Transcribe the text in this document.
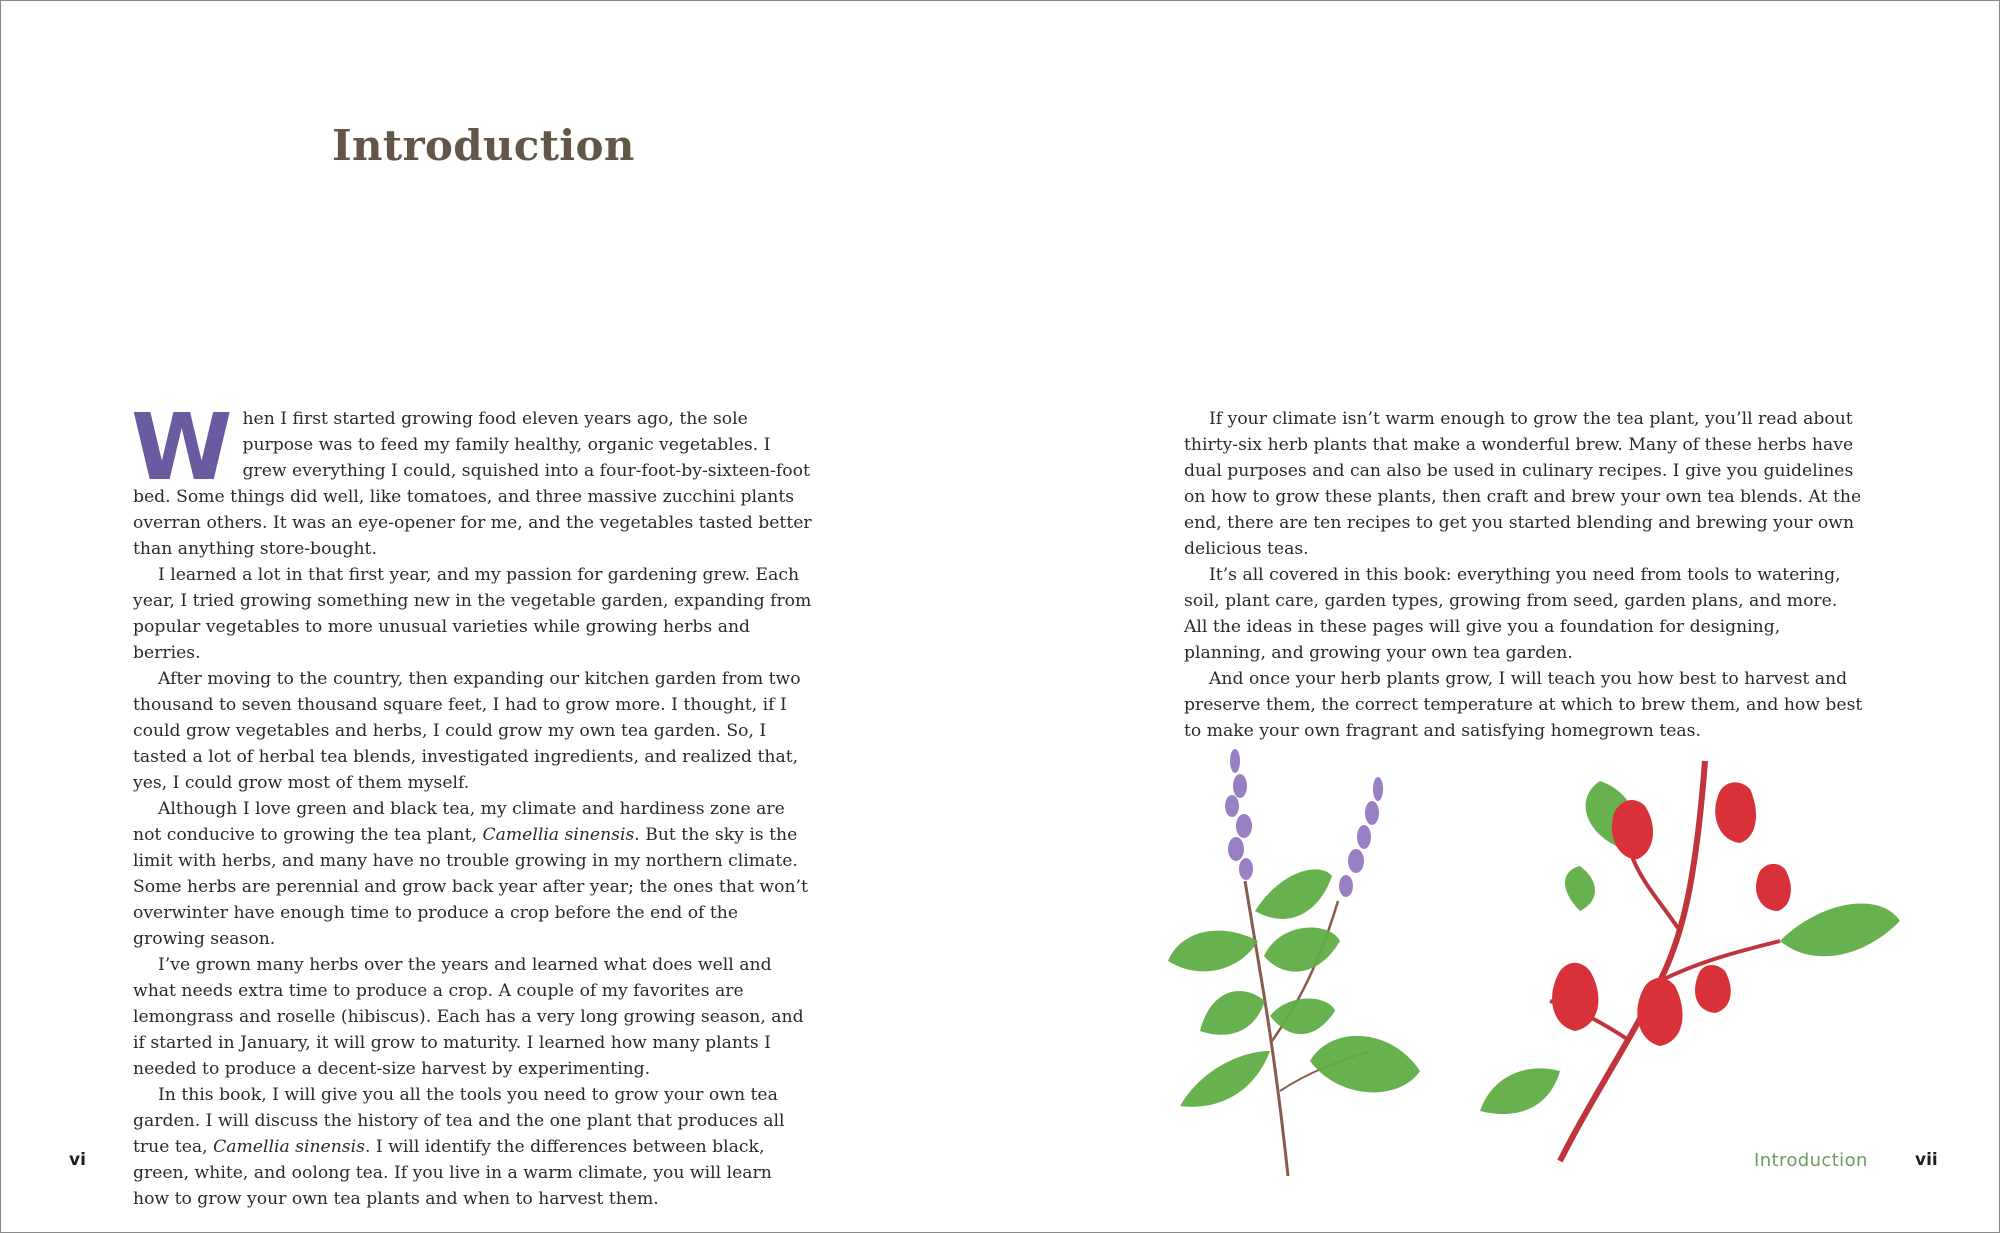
Introduction

When I first started growing food eleven years ago, the sole purpose was to feed my family healthy, organic vegetables. I grew everything I could, squished into a four-foot-by-sixteen-foot bed. Some things did well, like tomatoes, and three massive zucchini plants overran others. It was an eye-opener for me, and the vegetables tasted better than anything store-bought.

I learned a lot in that first year, and my passion for gardening grew. Each year, I tried growing something new in the vegetable garden, expanding from popular vegetables to more unusual varieties while growing herbs and berries.

After moving to the country, then expanding our kitchen garden from two thousand to seven thousand square feet, I had to grow more. I thought, if I could grow vegetables and herbs, I could grow my own tea garden. So, I tasted a lot of herbal tea blends, investigated ingredients, and realized that, yes, I could grow most of them myself.

Although I love green and black tea, my climate and hardiness zone are not conducive to growing the tea plant, Camellia sinensis. But the sky is the limit with herbs, and many have no trouble growing in my northern climate. Some herbs are perennial and grow back year after year; the ones that won’t overwinter have enough time to produce a crop before the end of the growing season.

I’ve grown many herbs over the years and learned what does well and what needs extra time to produce a crop. A couple of my favorites are lemongrass and roselle (hibiscus). Each has a very long growing season, and if started in January, it will grow to maturity. I learned how many plants I needed to produce a decent-size harvest by experimenting.

In this book, I will give you all the tools you need to grow your own tea garden. I will discuss the history of tea and the one plant that produces all true tea, Camellia sinensis. I will identify the differences between black, green, white, and oolong tea. If you live in a warm climate, you will learn how to grow your own tea plants and when to harvest them.

vi

If your climate isn’t warm enough to grow the tea plant, you’ll read about thirty-six herb plants that make a wonderful brew. Many of these herbs have dual purposes and can also be used in culinary recipes. I give you guidelines on how to grow these plants, then craft and brew your own tea blends. At the end, there are ten recipes to get you started blending and brewing your own delicious teas.

It’s all covered in this book: everything you need from tools to watering, soil, plant care, garden types, growing from seed, garden plans, and more. All the ideas in these pages will give you a foundation for designing, planning, and growing your own tea garden.

And once your herb plants grow, I will teach you how best to harvest and preserve them, the correct temperature at which to brew them, and how best to make your own fragrant and satisfying homegrown teas.

Introduction	vii
